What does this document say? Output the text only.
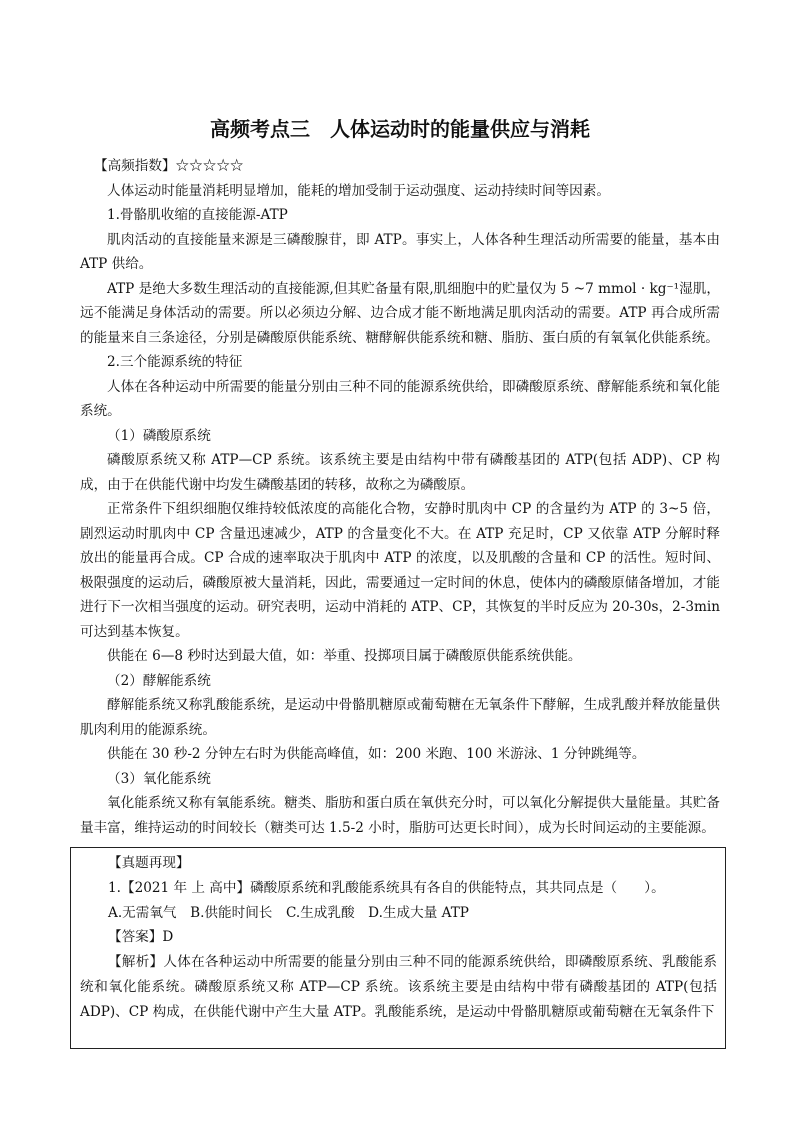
高频考点三　人体运动时的能量供应与消耗

【高频指数】☆☆☆☆☆

人体运动时能量消耗明显增加，能耗的增加受制于运动强度、运动持续时间等因素。

1.骨骼肌收缩的直接能源-ATP

肌肉活动的直接能量来源是三磷酸腺苷，即 ATP。事实上，人体各种生理活动所需要的能量，基本由 ATP 供给。

ATP 是绝大多数生理活动的直接能源,但其贮备量有限,肌细胞中的贮量仅为 5 ~7 mmol · kg⁻¹湿肌，远不能满足身体活动的需要。所以必须边分解、边合成才能不断地满足肌肉活动的需要。ATP 再合成所需的能量来自三条途径，分别是磷酸原供能系统、糖酵解供能系统和糖、脂肪、蛋白质的有氧氧化供能系统。

2.三个能源系统的特征

人体在各种运动中所需要的能量分别由三种不同的能源系统供给，即磷酸原系统、酵解能系统和氧化能系统。

（1）磷酸原系统

磷酸原系统又称 ATP—CP 系统。该系统主要是由结构中带有磷酸基团的 ATP(包括 ADP)、CP 构成，由于在供能代谢中均发生磷酸基团的转移，故称之为磷酸原。

正常条件下组织细胞仅维持较低浓度的高能化合物，安静时肌肉中 CP 的含量约为 ATP 的 3~5 倍，剧烈运动时肌肉中 CP 含量迅速减少，ATP 的含量变化不大。在 ATP 充足时，CP 又依靠 ATP 分解时释放出的能量再合成。CP 合成的速率取决于肌肉中 ATP 的浓度，以及肌酸的含量和 CP 的活性。短时间、极限强度的运动后，磷酸原被大量消耗，因此，需要通过一定时间的休息，使体内的磷酸原储备增加，才能进行下一次相当强度的运动。研究表明，运动中消耗的 ATP、CP，其恢复的半时反应为 20-30s，2-3min 可达到基本恢复。

供能在 6—8 秒时达到最大值，如：举重、投掷项目属于磷酸原供能系统供能。

（2）酵解能系统

酵解能系统又称乳酸能系统，是运动中骨骼肌糖原或葡萄糖在无氧条件下酵解，生成乳酸并释放能量供肌肉利用的能源系统。

供能在 30 秒-2 分钟左右时为供能高峰值，如：200 米跑、100 米游泳、1 分钟跳绳等。

（3）氧化能系统

氧化能系统又称有氧能系统。糖类、脂肪和蛋白质在氧供充分时，可以氧化分解提供大量能量。其贮备量丰富，维持运动的时间较长（糖类可达 1.5-2 小时，脂肪可达更长时间），成为长时间运动的主要能源。

【真题再现】

1.【2021 年 上 高中】磷酸原系统和乳酸能系统具有各自的供能特点，其共同点是（　　）。

A.无需氧气　B.供能时间长　C.生成乳酸　D.生成大量 ATP

【答案】D

【解析】人体在各种运动中所需要的能量分别由三种不同的能源系统供给，即磷酸原系统、乳酸能系统和氧化能系统。磷酸原系统又称 ATP—CP 系统。该系统主要是由结构中带有磷酸基团的 ATP(包括 ADP)、CP 构成，在供能代谢中产生大量 ATP。乳酸能系统，是运动中骨骼肌糖原或葡萄糖在无氧条件下
